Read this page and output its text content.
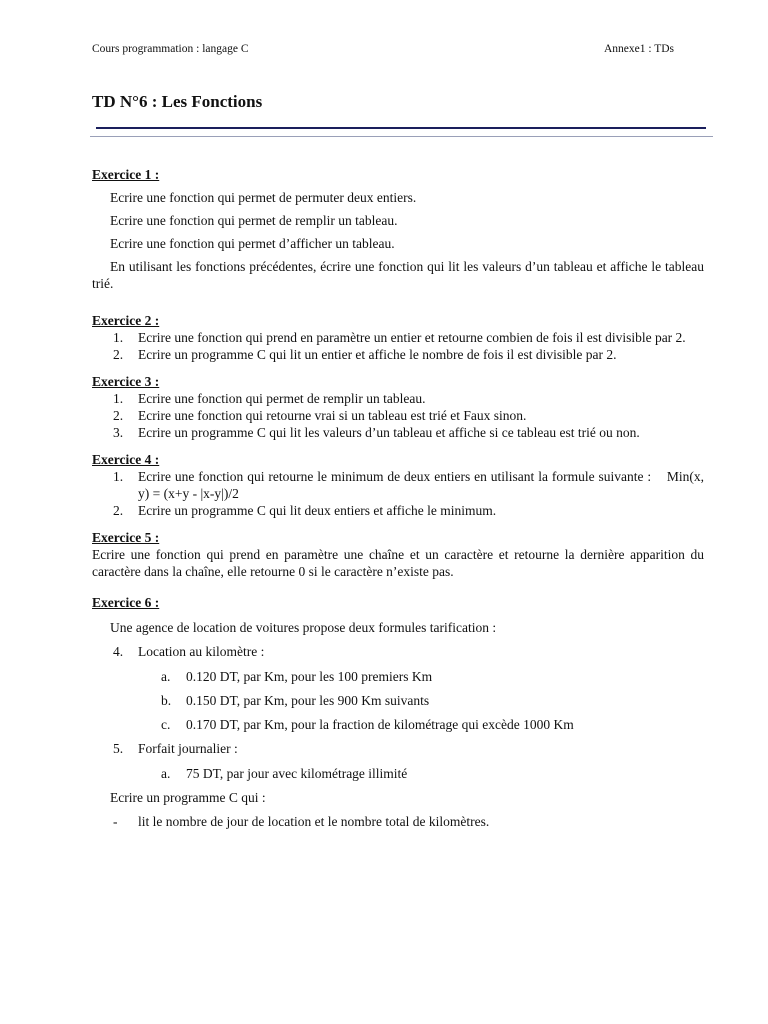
Cours programmation : langage C	Annexe1 : TDs
TD N°6 : Les Fonctions

Exercice 1 :

Ecrire une fonction qui permet de permuter deux entiers.

Ecrire une fonction qui permet de remplir un tableau.

Ecrire une fonction qui permet d’afficher un tableau.

En utilisant les fonctions précédentes, écrire une fonction qui lit les valeurs d’un tableau et affiche le tableau trié.

Exercice 2 :

1. Ecrire une fonction qui prend en paramètre un entier et retourne combien de fois il est divisible par 2.
2. Ecrire un programme C qui lit un entier et affiche le nombre de fois il est divisible par 2.

Exercice 3 :

1. Ecrire une fonction qui permet de remplir un tableau.
2. Ecrire une fonction qui retourne vrai si un tableau est trié et Faux sinon.
3. Ecrire un programme C qui lit les valeurs d’un tableau et affiche si ce tableau est trié ou non.

Exercice 4 :

1. Ecrire une fonction qui retourne le minimum de deux entiers en utilisant la formule suivante :    Min(x, y) = (x+y - |x-y|)/2
2. Ecrire un programme C qui lit deux entiers et affiche le minimum.

Exercice 5 :

Ecrire une fonction qui prend en paramètre une chaîne et un caractère et retourne la dernière apparition du caractère dans la chaîne, elle retourne 0 si le caractère n’existe pas.

Exercice 6 :

Une agence de location de voitures propose deux formules tarification :

4. Location au kilomètre :
a. 0.120 DT, par Km, pour les 100 premiers Km
b. 0.150 DT, par Km, pour les 900 Km suivants
c. 0.170 DT, par Km, pour la fraction de kilométrage qui excède 1000 Km
5. Forfait journalier :
a. 75 DT, par jour avec kilométrage illimité

Ecrire un programme C qui :

- lit le nombre de jour de location et le nombre total de kilomètres.
